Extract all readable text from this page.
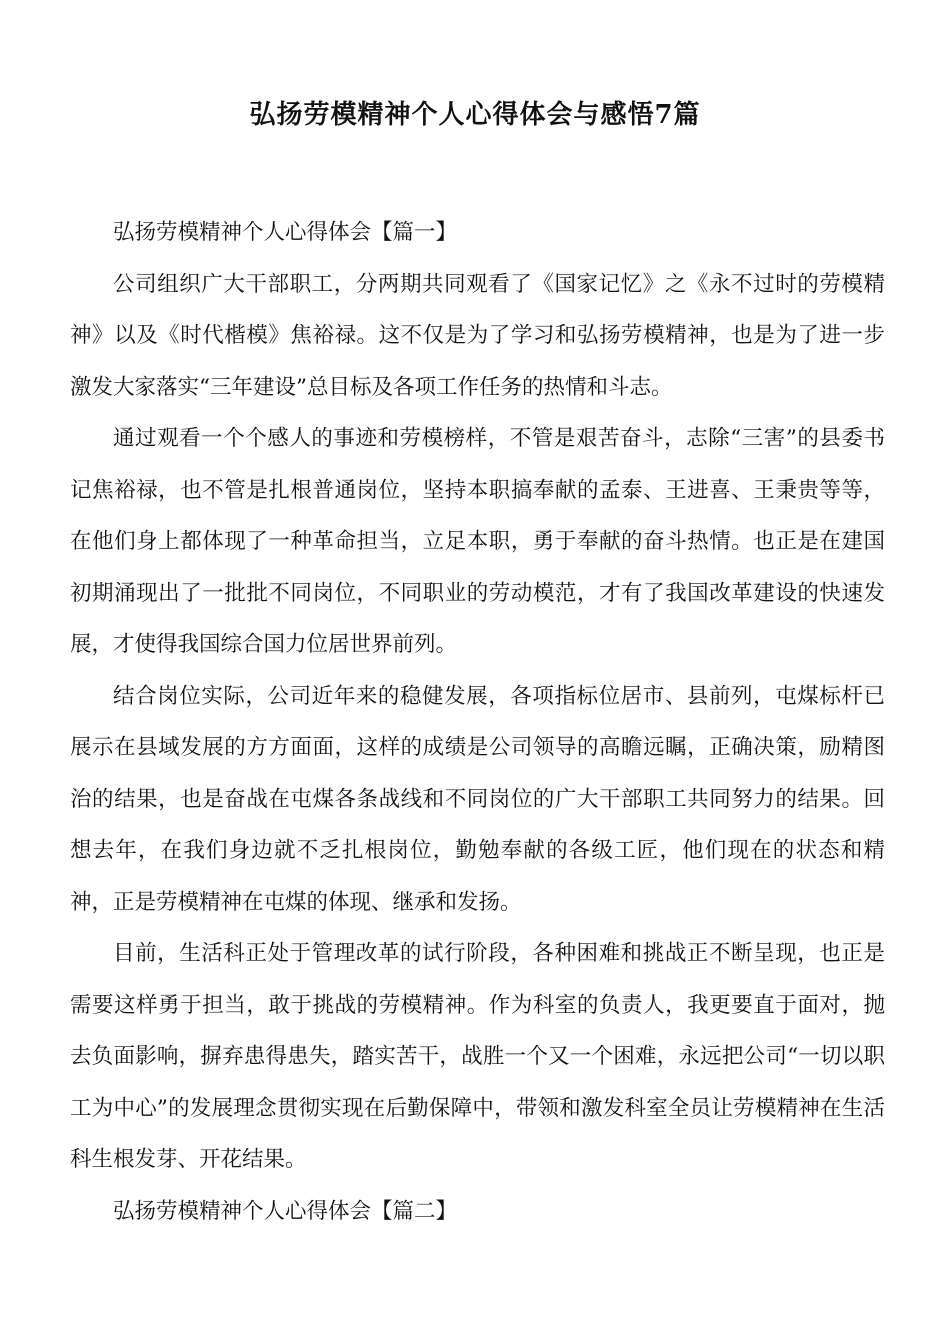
弘扬劳模精神个人心得体会与感悟7篇

弘扬劳模精神个人心得体会【篇一】

公司组织广大干部职工，分两期共同观看了《国家记忆》之《永不过时的劳模精神》以及《时代楷模》焦裕禄。这不仅是为了学习和弘扬劳模精神，也是为了进一步激发大家落实“三年建设”总目标及各项工作任务的热情和斗志。

通过观看一个个感人的事迹和劳模榜样，不管是艰苦奋斗，志除“三害”的县委书记焦裕禄，也不管是扎根普通岗位，坚持本职搞奉献的孟泰、王进喜、王秉贵等等，在他们身上都体现了一种革命担当，立足本职，勇于奉献的奋斗热情。也正是在建国初期涌现出了一批批不同岗位，不同职业的劳动模范，才有了我国改革建设的快速发展，才使得我国综合国力位居世界前列。

结合岗位实际，公司近年来的稳健发展，各项指标位居市、县前列，屯煤标杆已展示在县域发展的方方面面，这样的成绩是公司领导的高瞻远瞩，正确决策，励精图治的结果，也是奋战在屯煤各条战线和不同岗位的广大干部职工共同努力的结果。回想去年，在我们身边就不乏扎根岗位，勤勉奉献的各级工匠，他们现在的状态和精神，正是劳模精神在屯煤的体现、继承和发扬。

目前，生活科正处于管理改革的试行阶段，各种困难和挑战正不断呈现，也正是需要这样勇于担当，敢于挑战的劳模精神。作为科室的负责人，我更要直于面对，抛去负面影响，摒弃患得患失，踏实苦干，战胜一个又一个困难，永远把公司“一切以职工为中心”的发展理念贯彻实现在后勤保障中，带领和激发科室全员让劳模精神在生活科生根发芽、开花结果。

弘扬劳模精神个人心得体会【篇二】
